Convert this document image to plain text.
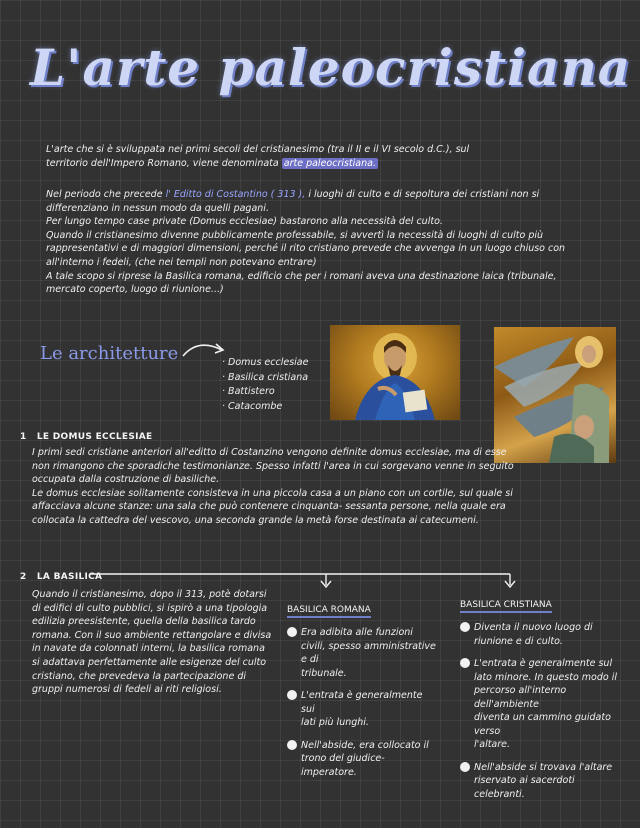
L'arte paleocristiana
L'arte che si è sviluppata nei primi secoli del cristianesimo (tra il II e il VI secolo d.C.), sul
territorio dell'Impero Romano, viene denominata arte paleocristiana.
Nel periodo che precede l' Editto di Costantino ( 313 ), i luoghi di culto e di sepoltura dei cristiani non si
differenziano in nessun modo da quelli pagani.
Per lungo tempo case private (Domus ecclesiae) bastarono alla necessità del culto.
Quando il cristianesimo divenne pubblicamente professabile, si avvertì la necessità di luoghi di culto più
rappresentativi e di maggiori dimensioni, perché il rito cristiano prevede che avvenga in un luogo chiuso con
all'interno i fedeli, (che nei templi non potevano entrare)
A tale scopo si riprese la Basilica romana, edificio che per i romani aveva una destinazione laica (tribunale,
mercato coperto, luogo di riunione...)
Le architetture	· Domus ecclesiae
· Basilica cristiana
· Battistero
· Catacombe
1 LE DOMUS ECCLESIAE
I primi sedi cristiane anteriori all'editto di Costanzino vengono definite domus ecclesiae, ma di esse
non rimangono che sporadiche testimonianze. Spesso infatti l'area in cui sorgevano venne in seguito
occupata dalla costruzione di basiliche.
Le domus ecclesiae solitamente consisteva in una piccola casa a un piano con un cortile, sul quale si
affacciava alcune stanze: una sala che può contenere cinquanta- sessanta persone, nella quale era
collocata la cattedra del vescovo, una seconda grande la metà forse destinata ai catecumeni.
2 LA BASILICA
Quando il cristianesimo, dopo il 313, potè dotarsi
di edifici di culto pubblici, si ispirò a una tipologia
edilizia preesistente, quella della basilica tardo
romana. Con il suo ambiente rettangolare e divisa
in navate da colonnati interni, la basilica romana
si adattava perfettamente alle esigenze del culto
cristiano, che prevedeva la partecipazione di
gruppi numerosi di fedeli ai riti religiosi.
BASILICA ROMANA
Era adibita alle funzioni
civili, spesso amministrative e di
tribunale.
L'entrata è generalmente sui
lati più lunghi.
Nell'abside, era collocato il
trono del giudice-imperatore.
BASILICA CRISTIANA
Diventa il nuovo luogo di
riunione e di culto.
L'entrata è generalmente sul
lato minore. In questo modo il
percorso all'interno dell'ambiente
diventa un cammino guidato verso
l'altare.
Nell'abside si trovava l'altare
riservato ai sacerdoti celebranti.
